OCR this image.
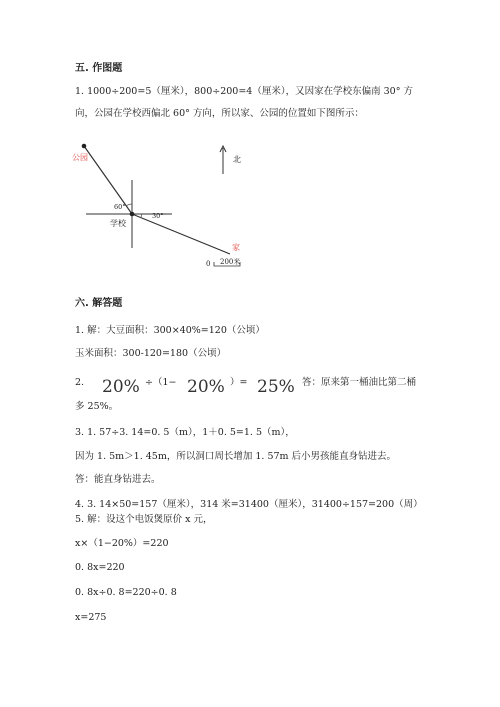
五. 作图题
1. 1000÷200=5（厘米），800÷200=4（厘米），又因家在学校东偏南 30° 方
向，公园在学校西偏北 60° 方向，所以家、公园的位置如下图所示：
公园
60°
30°
学校
家
北
0 200米
六. 解答题
1. 解：大豆面积：300×40%=120（公顷）
玉米面积：300-120=180（公顷）
2. 20% ÷（1− 20% ）= 25% 答：原来第一桶油比第二桶
多 25%。
3. 1. 57÷3. 14=0. 5（m），1＋0. 5=1. 5（m），
因为 1. 5m＞1. 45m，所以洞口周长增加 1. 57m 后小男孩能直身钻进去。
答：能直身钻进去。
4. 3. 14×50=157（厘米），314 米=31400（厘米），31400÷157=200（周）
5. 解：设这个电饭煲原价 x 元，
x×（1−20%）=220
0. 8x=220
0. 8x÷0. 8=220÷0. 8
x=275
